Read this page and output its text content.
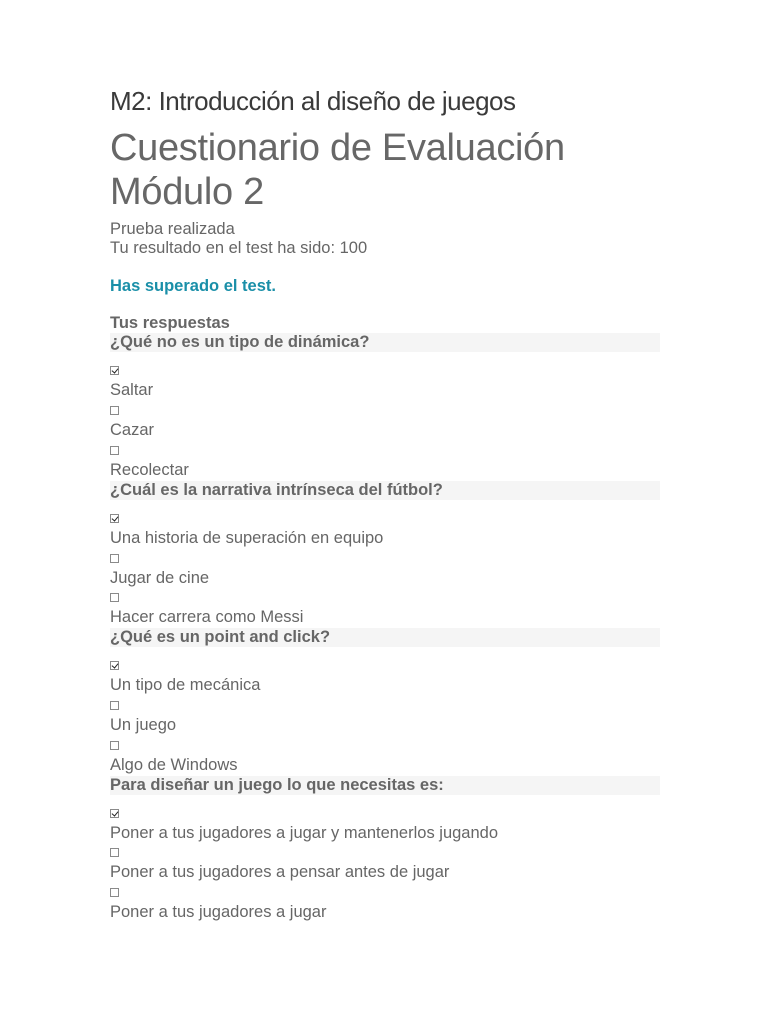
M2: Introducción al diseño de juegos
Cuestionario de Evaluación Módulo 2
Prueba realizada
Tu resultado en el test ha sido: 100
Has superado el test.
Tus respuestas
¿Qué no es un tipo de dinámica?
Saltar
Cazar
Recolectar
¿Cuál es la narrativa intrínseca del fútbol?
Una historia de superación en equipo
Jugar de cine
Hacer carrera como Messi
¿Qué es un point and click?
Un tipo de mecánica
Un juego
Algo de Windows
Para diseñar un juego lo que necesitas es:
Poner a tus jugadores a jugar y mantenerlos jugando
Poner a tus jugadores a pensar antes de jugar
Poner a tus jugadores a jugar
